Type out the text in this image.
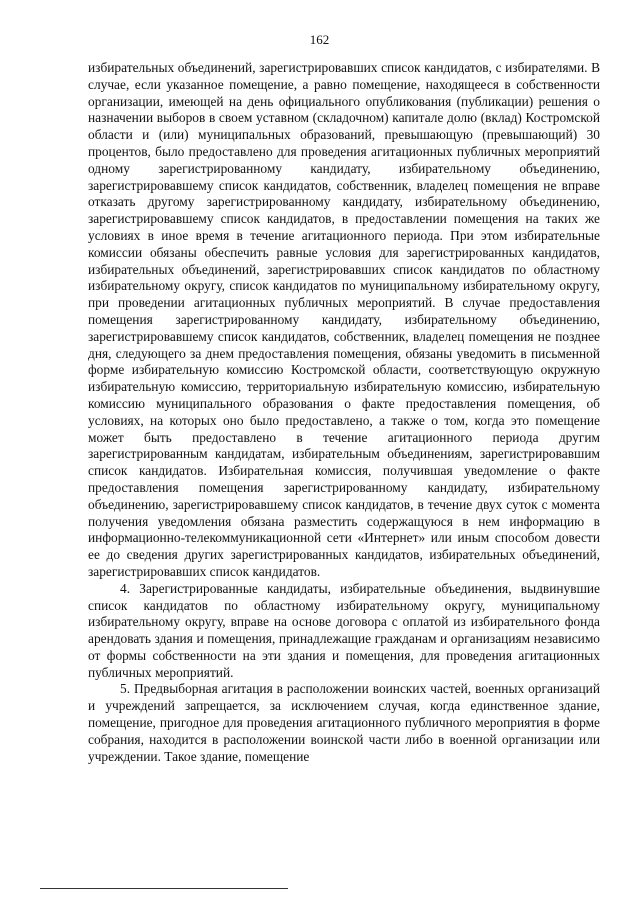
162

избирательных объединений, зарегистрировавших список кандидатов, с избирателями. В случае, если указанное помещение, а равно помещение, находящееся в собственности организации, имеющей на день официального опубликования (публикации) решения о назначении выборов в своем уставном (складочном) капитале долю (вклад) Костромской области и (или) муниципальных образований, превышающую (превышающий) 30 процентов, было предоставлено для проведения агитационных публичных мероприятий одному зарегистрированному кандидату, избирательному объединению, зарегистрировавшему список кандидатов, собственник, владелец помещения не вправе отказать другому зарегистрированному кандидату, избирательному объединению, зарегистрировавшему список кандидатов, в предоставлении помещения на таких же условиях в иное время в течение агитационного периода. При этом избирательные комиссии обязаны обеспечить равные условия для зарегистрированных кандидатов, избирательных объединений, зарегистрировавших список кандидатов по областному избирательному округу, список кандидатов по муниципальному избирательному округу, при проведении агитационных публичных мероприятий. В случае предоставления помещения зарегистрированному кандидату, избирательному объединению, зарегистрировавшему список кандидатов, собственник, владелец помещения не позднее дня, следующего за днем предоставления помещения, обязаны уведомить в письменной форме избирательную комиссию Костромской области, соответствующую окружную избирательную комиссию, территориальную избирательную комиссию, избирательную комиссию муниципального образования о факте предоставления помещения, об условиях, на которых оно было предоставлено, а также о том, когда это помещение может быть предоставлено в течение агитационного периода другим зарегистрированным кандидатам, избирательным объединениям, зарегистрировавшим список кандидатов. Избирательная комиссия, получившая уведомление о факте предоставления помещения зарегистрированному кандидату, избирательному объединению, зарегистрировавшему список кандидатов, в течение двух суток с момента получения уведомления обязана разместить содержащуюся в нем информацию в информационно-телекоммуникационной сети «Интернет» или иным способом довести ее до сведения других зарегистрированных кандидатов, избирательных объединений, зарегистрировавших список кандидатов.

4. Зарегистрированные кандидаты, избирательные объединения, выдвинувшие список кандидатов по областному избирательному округу, муниципальному избирательному округу, вправе на основе договора с оплатой из избирательного фонда арендовать здания и помещения, принадлежащие гражданам и организациям независимо от формы собственности на эти здания и помещения, для проведения агитационных публичных мероприятий.

5. Предвыборная агитация в расположении воинских частей, военных организаций и учреждений запрещается, за исключением случая, когда единственное здание, помещение, пригодное для проведения агитационного публичного мероприятия в форме собрания, находится в расположении воинской части либо в военной организации или учреждении. Такое здание, помещение
